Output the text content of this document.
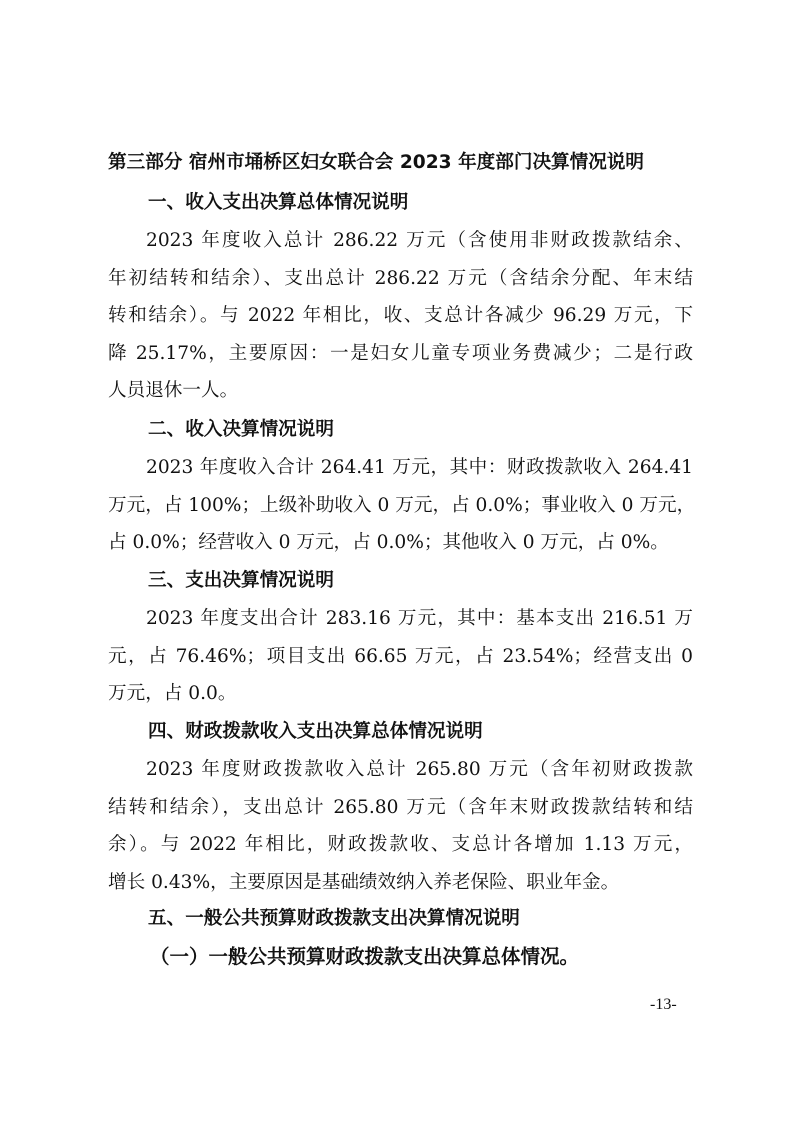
第三部分 宿州市埇桥区妇女联合会 2023 年度部门决算情况说明
一、收入支出决算总体情况说明
2023 年度收入总计 286.22 万元（含使用非财政拨款结余、
年初结转和结余）、支出总计 286.22 万元（含结余分配、年末结
转和结余）。与 2022 年相比，收、支总计各减少 96.29 万元，下
降 25.17%，主要原因：一是妇女儿童专项业务费减少；二是行政
人员退休一人。
二、收入决算情况说明
2023 年度收入合计 264.41 万元，其中：财政拨款收入 264.41
万元，占 100%；上级补助收入 0 万元，占 0.0%；事业收入 0 万元，
占 0.0%；经营收入 0 万元，占 0.0%；其他收入 0 万元，占 0%。
三、支出决算情况说明
2023 年度支出合计 283.16 万元，其中：基本支出 216.51 万
元，占 76.46%；项目支出 66.65 万元，占 23.54%；经营支出 0
万元，占 0.0。
四、财政拨款收入支出决算总体情况说明
2023 年度财政拨款收入总计 265.80 万元（含年初财政拨款
结转和结余），支出总计 265.80 万元（含年末财政拨款结转和结
余）。与 2022 年相比，财政拨款收、支总计各增加 1.13 万元，
增长 0.43%，主要原因是基础绩效纳入养老保险、职业年金。
五、一般公共预算财政拨款支出决算情况说明
（一）一般公共预算财政拨款支出决算总体情况。
-13-
